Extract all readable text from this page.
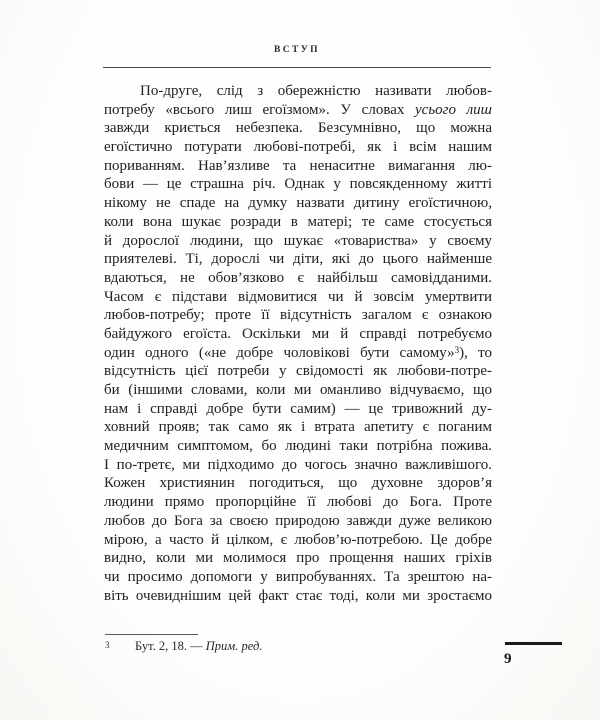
ВСТУП
По-друге, слід з обережністю називати любов-
потребу «всього лиш егоїзмом». У словах усього лиш
завжди криється небезпека. Безсумнівно, що можна
егоїстично потурати любові-потребі, як і всім нашим
пориванням. Нав’язливе та ненаситне вимагання лю-
бови — це страшна річ. Однак у повсякденному житті
нікому не спаде на думку назвати дитину егоїстичною,
коли вона шукає розради в матері; те саме стосується
й дорослої людини, що шукає «товариства» у своєму
приятелеві. Ті, дорослі чи діти, які до цього найменше
вдаються, не обов’язково є найбільш самовідданими.
Часом є підстави відмовитися чи й зовсім умертвити
любов-потребу; проте її відсутність загалом є ознакою
байдужого егоїста. Оскільки ми й справді потребуємо
один одного («не добре чоловікові бути самому»$^3$), то
відсутність цієї потреби у свідомості як любови-потре-
би (іншими словами, коли ми оманливо відчуваємо, що
нам і справді добре бути самим) — це тривожний ду-
ховний прояв; так само як і втрата апетиту є поганим
медичним симптомом, бо людині таки потрібна пожива.
І по-третє, ми підходимо до чогось значно важливішого.
Кожен християнин погодиться, що духовне здоров’я
людини прямо пропорційне її любові до Бога. Проте
любов до Бога за своєю природою завжди дуже великою
мірою, а часто й цілком, є любов’ю-потребою. Це добре
видно, коли ми молимося про прощення наших гріхів
чи просимо допомоги у випробуваннях. Та зрештою на-
віть очевиднішим цей факт стає тоді, коли ми зростаємо
$^3$ Бут. 2, 18. — Прим. ред.
9
